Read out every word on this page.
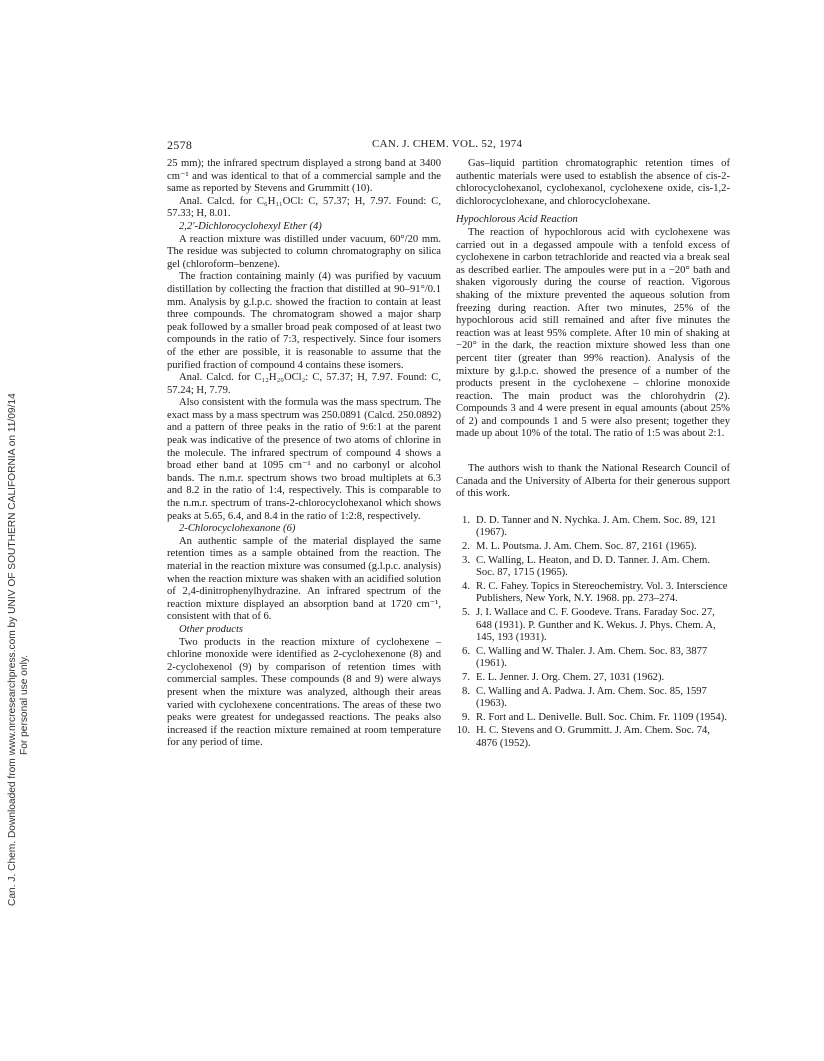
Can. J. Chem. Downloaded from www.nrcresearchpress.com by UNIV OF SOUTHERN CALIFORNIA on 11/09/14 For personal use only.
2578	CAN. J. CHEM. VOL. 52, 1974

25 mm); the infrared spectrum displayed a strong band at 3400 cm⁻¹ and was identical to that of a commercial sample and the same as reported by Stevens and Grummitt (10).

Anal. Calcd. for C₆H₁₁OCl: C, 57.37; H, 7.97. Found: C, 57.33; H, 8.01.

2,2′-Dichlorocyclohexyl Ether (4)

A reaction mixture was distilled under vacuum, 60°/20 mm. The residue was subjected to column chromatography on silica gel (chloroform–benzene).

The fraction containing mainly (4) was purified by vacuum distillation by collecting the fraction that distilled at 90–91°/0.1 mm. Analysis by g.l.p.c. showed the fraction to contain at least three compounds. The chromatogram showed a major sharp peak followed by a smaller broad peak composed of at least two compounds in the ratio of 7:3, respectively. Since four isomers of the ether are possible, it is reasonable to assume that the purified fraction of compound 4 contains these isomers.

Anal. Calcd. for C₁₂H₂₀OCl₂: C, 57.37; H, 7.97. Found: C, 57.24; H, 7.79.

Also consistent with the formula was the mass spectrum. The exact mass by a mass spectrum was 250.0891 (Calcd. 250.0892) and a pattern of three peaks in the ratio of 9:6:1 at the parent peak was indicative of the presence of two atoms of chlorine in the molecule. The infrared spectrum of compound 4 shows a broad ether band at 1095 cm⁻¹ and no carbonyl or alcohol bands. The n.m.r. spectrum shows two broad multiplets at 6.3 and 8.2 in the ratio of 1:4, respectively. This is comparable to the n.m.r. spectrum of trans-2-chlorocyclohexanol which shows peaks at 5.65, 6.4, and 8.4 in the ratio of 1:2:8, respectively.

2-Chlorocyclohexanone (6)

An authentic sample of the material displayed the same retention times as a sample obtained from the reaction. The material in the reaction mixture was consumed (g.l.p.c. analysis) when the reaction mixture was shaken with an acidified solution of 2,4-dinitrophenylhydrazine. An infrared spectrum of the reaction mixture displayed an absorption band at 1720 cm⁻¹, consistent with that of 6.

Other products

Two products in the reaction mixture of cyclohexene – chlorine monoxide were identified as 2-cyclohexenone (8) and 2-cyclohexenol (9) by comparison of retention times with commercial samples. These compounds (8 and 9) were always present when the mixture was analyzed, although their areas varied with cyclohexene concentrations. The areas of these two peaks were greatest for undegassed reactions. The peaks also increased if the reaction mixture remained at room temperature for any period of time.

Gas–liquid partition chromatographic retention times of authentic materials were used to establish the absence of cis-2-chlorocyclohexanol, cyclohexanol, cyclohexene oxide, cis-1,2-dichlorocyclohexane, and chlorocyclohexane.

Hypochlorous Acid Reaction

The reaction of hypochlorous acid with cyclohexene was carried out in a degassed ampoule with a tenfold excess of cyclohexene in carbon tetrachloride and reacted via a break seal as described earlier. The ampoules were put in a −20° bath and shaken vigorously during the course of reaction. Vigorous shaking of the mixture prevented the aqueous solution from freezing during reaction. After two minutes, 25% of the hypochlorous acid still remained and after five minutes the reaction was at least 95% complete. After 10 min of shaking at −20° in the dark, the reaction mixture showed less than one percent titer (greater than 99% reaction). Analysis of the mixture by g.l.p.c. showed the presence of a number of the products present in the cyclohexene – chlorine monoxide reaction. The main product was the chlorohydrin (2). Compounds 3 and 4 were present in equal amounts (about 25% of 2) and compounds 1 and 5 were also present; together they made up about 10% of the total. The ratio of 1:5 was about 2:1.

The authors wish to thank the National Research Council of Canada and the University of Alberta for their generous support of this work.

1. D. D. Tanner and N. Nychka. J. Am. Chem. Soc. 89, 121 (1967).
2. M. L. Poutsma. J. Am. Chem. Soc. 87, 2161 (1965).
3. C. Walling, L. Heaton, and D. D. Tanner. J. Am. Chem. Soc. 87, 1715 (1965).
4. R. C. Fahey. Topics in Stereochemistry. Vol. 3. Interscience Publishers, New York, N.Y. 1968. pp. 273–274.
5. J. I. Wallace and C. F. Goodeve. Trans. Faraday Soc. 27, 648 (1931). P. Gunther and K. Wekus. J. Phys. Chem. A, 145, 193 (1931).
6. C. Walling and W. Thaler. J. Am. Chem. Soc. 83, 3877 (1961).
7. E. L. Jenner. J. Org. Chem. 27, 1031 (1962).
8. C. Walling and A. Padwa. J. Am. Chem. Soc. 85, 1597 (1963).
9. R. Fort and L. Denivelle. Bull. Soc. Chim. Fr. 1109 (1954).
10. H. C. Stevens and O. Grummitt. J. Am. Chem. Soc. 74, 4876 (1952).
